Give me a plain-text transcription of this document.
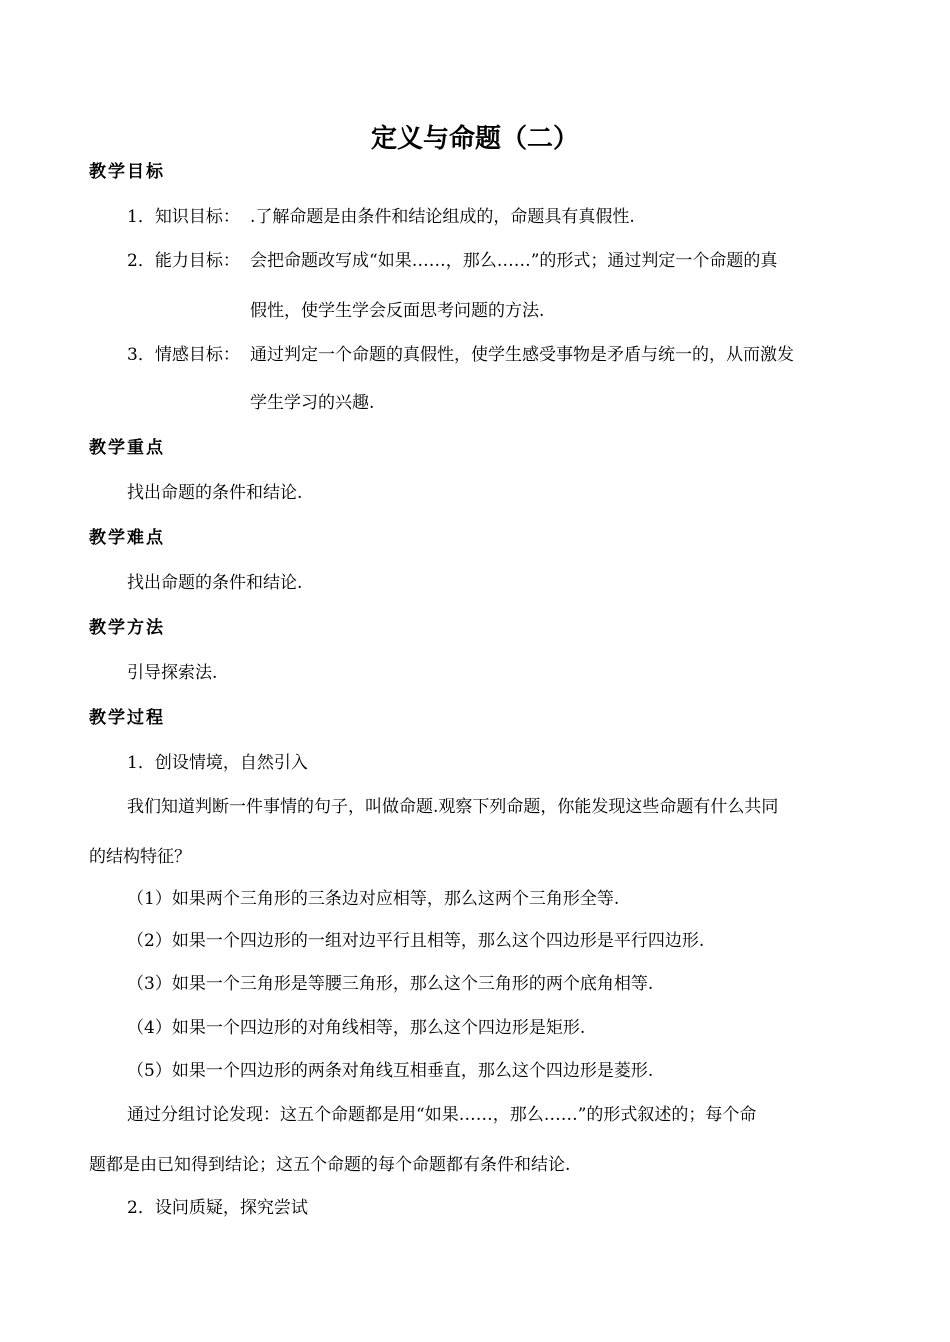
定义与命题（二）
教学目标
1．知识目标： .了解命题是由条件和结论组成的，命题具有真假性.
2．能力目标： 会把命题改写成“如果……，那么……”的形式；通过判定一个命题的真
假性，使学生学会反面思考问题的方法.
3．情感目标： 通过判定一个命题的真假性，使学生感受事物是矛盾与统一的，从而激发
学生学习的兴趣.
教学重点
找出命题的条件和结论.
教学难点
找出命题的条件和结论.
教学方法
引导探索法.
教学过程
1．创设情境，自然引入
我们知道判断一件事情的句子，叫做命题.观察下列命题，你能发现这些命题有什么共同
的结构特征？
（1）如果两个三角形的三条边对应相等，那么这两个三角形全等.
（2）如果一个四边形的一组对边平行且相等，那么这个四边形是平行四边形.
（3）如果一个三角形是等腰三角形，那么这个三角形的两个底角相等.
（4）如果一个四边形的对角线相等，那么这个四边形是矩形.
（5）如果一个四边形的两条对角线互相垂直，那么这个四边形是菱形.
通过分组讨论发现：这五个命题都是用“如果……，那么……”的形式叙述的；每个命
题都是由已知得到结论；这五个命题的每个命题都有条件和结论.
2．设问质疑，探究尝试
